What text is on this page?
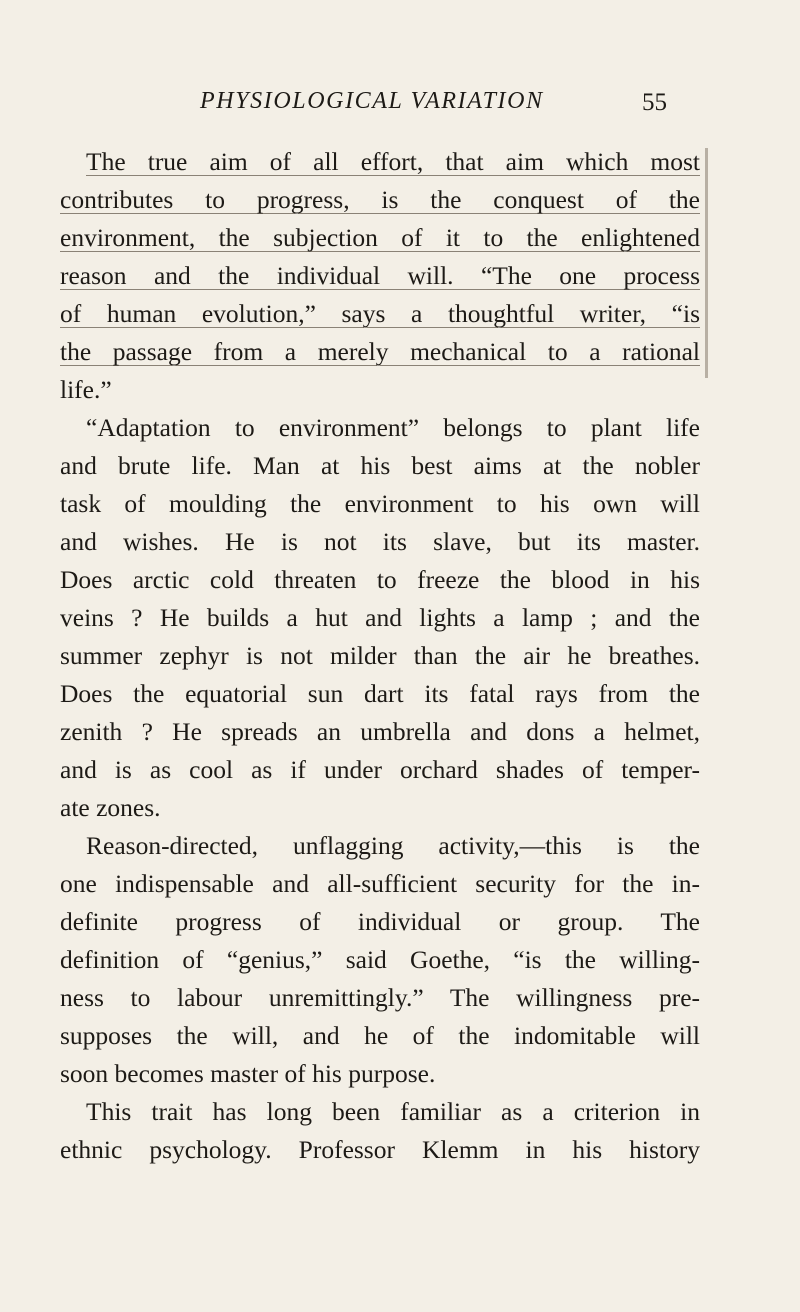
PHYSIOLOGICAL VARIATION	55
The true aim of all effort, that aim which most
contributes to progress, is the conquest of the
environment, the subjection of it to the enlightened
reason and the individual will. “The one process
of human evolution,” says a thoughtful writer, “is
the passage from a merely mechanical to a rational
life.”
“Adaptation to environment” belongs to plant life
and brute life. Man at his best aims at the nobler
task of moulding the environment to his own will
and wishes. He is not its slave, but its master.
Does arctic cold threaten to freeze the blood in his
veins ? He builds a hut and lights a lamp ; and the
summer zephyr is not milder than the air he breathes.
Does the equatorial sun dart its fatal rays from the
zenith ? He spreads an umbrella and dons a helmet,
and is as cool as if under orchard shades of temper-
ate zones.
Reason-directed, unflagging activity,—this is the
one indispensable and all-sufficient security for the in-
definite progress of individual or group. The
definition of “genius,” said Goethe, “is the willing-
ness to labour unremittingly.” The willingness pre-
supposes the will, and he of the indomitable will
soon becomes master of his purpose.
This trait has long been familiar as a criterion in
ethnic psychology. Professor Klemm in his history
